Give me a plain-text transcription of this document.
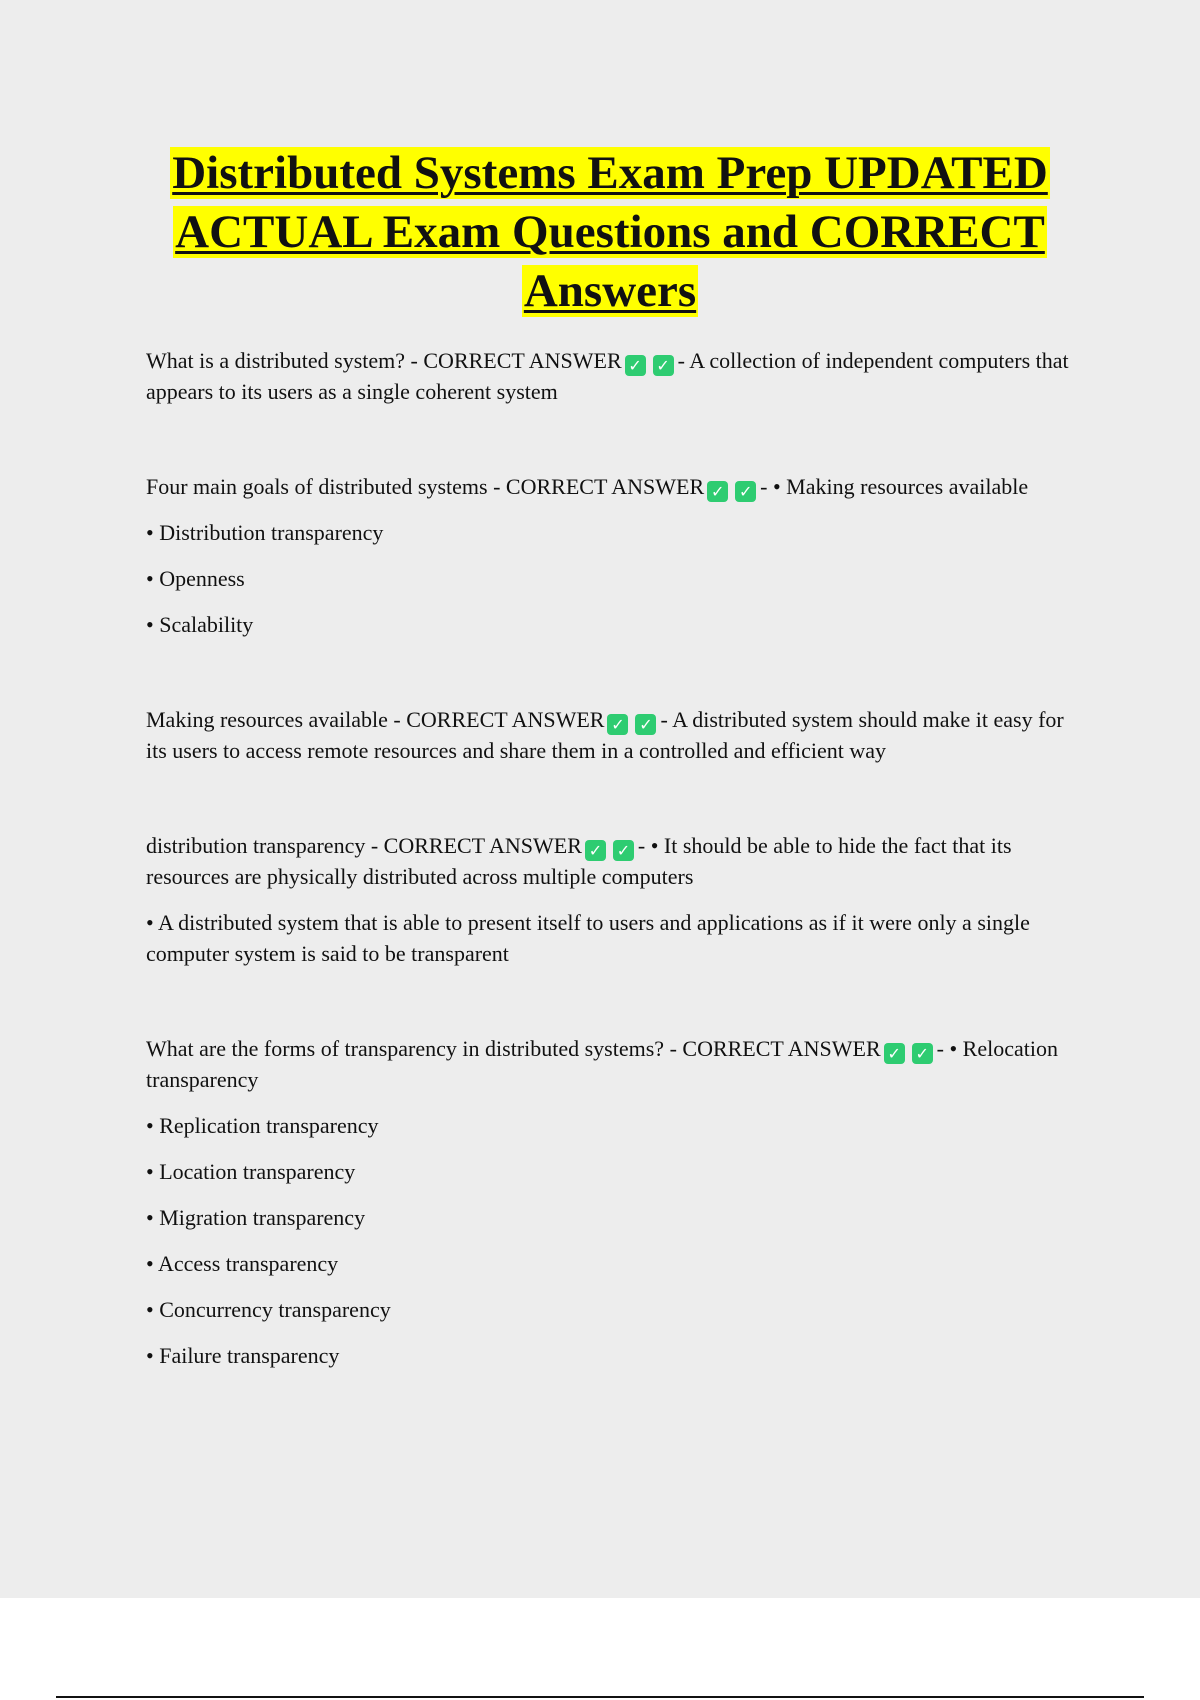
Distributed Systems Exam Prep UPDATED
ACTUAL Exam Questions and CORRECT
Answers

What is a distributed system? - CORRECT ANSWER ✓ ✓ - A collection of independent computers that appears to its users as a single coherent system

Four main goals of distributed systems - CORRECT ANSWER ✓ ✓ - • Making resources available

• Distribution transparency

• Openness

• Scalability

Making resources available - CORRECT ANSWER ✓ ✓ - A distributed system should make it easy for its users to access remote resources and share them in a controlled and efficient way

distribution transparency - CORRECT ANSWER ✓ ✓ - • It should be able to hide the fact that its resources are physically distributed across multiple computers

• A distributed system that is able to present itself to users and applications as if it were only a single computer system is said to be transparent

What are the forms of transparency in distributed systems? - CORRECT ANSWER ✓ ✓ - • Relocation transparency

• Replication transparency

• Location transparency

• Migration transparency

• Access transparency

• Concurrency transparency

• Failure transparency
